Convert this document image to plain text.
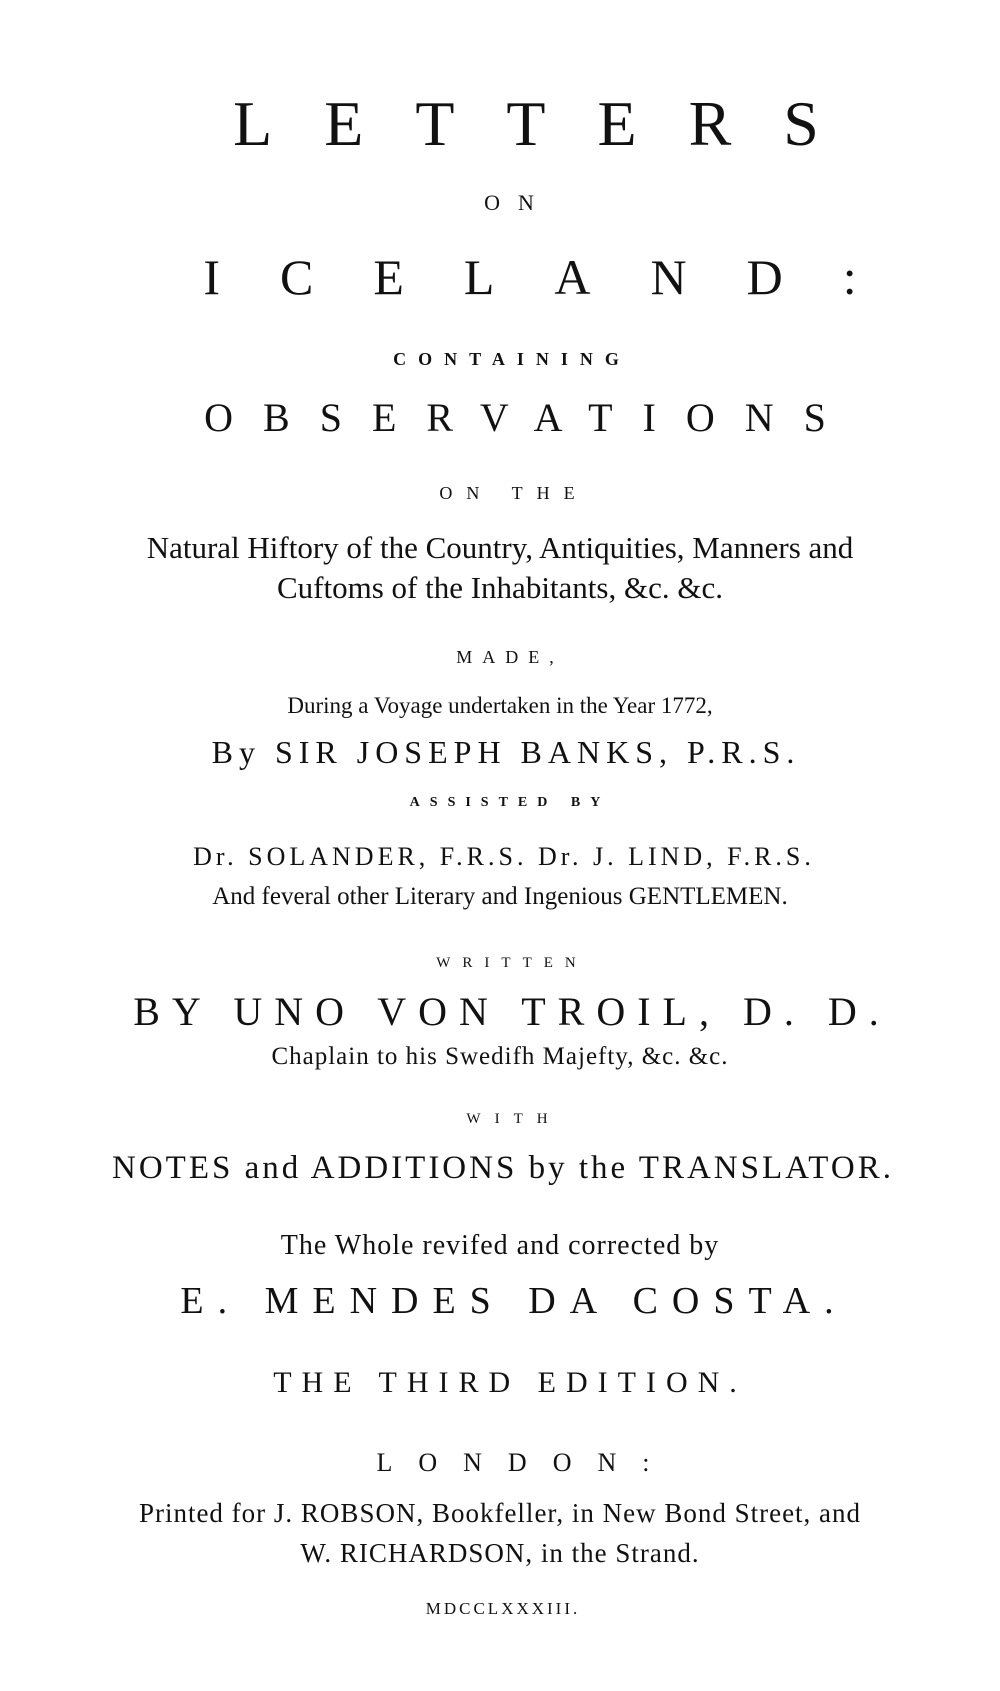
LETTERS
ON
ICELAND:
CONTAINING
OBSERVATIONS
ON THE
Natural Hiftory of the Country, Antiquities, Manners and
Cuftoms of the Inhabitants, &c. &c.
MADE,
During a Voyage undertaken in the Year 1772,
By SIR JOSEPH BANKS, P.R.S.
ASSISTED BY
Dr. SOLANDER, F.R.S. Dr. J. LIND, F.R.S.
And feveral other Literary and Ingenious GENTLEMEN.
WRITTEN
BY UNO VON TROIL, D. D.
Chaplain to his Swedifh Majefty, &c. &c.
WITH
NOTES and ADDITIONS by the TRANSLATOR.
The Whole revifed and corrected by
E. MENDES DA COSTA.
THE THIRD EDITION.
LONDON:
Printed for J. ROBSON, Bookfeller, in New Bond Street, and
W. RICHARDSON, in the Strand.
MDCCLXXXIII.
